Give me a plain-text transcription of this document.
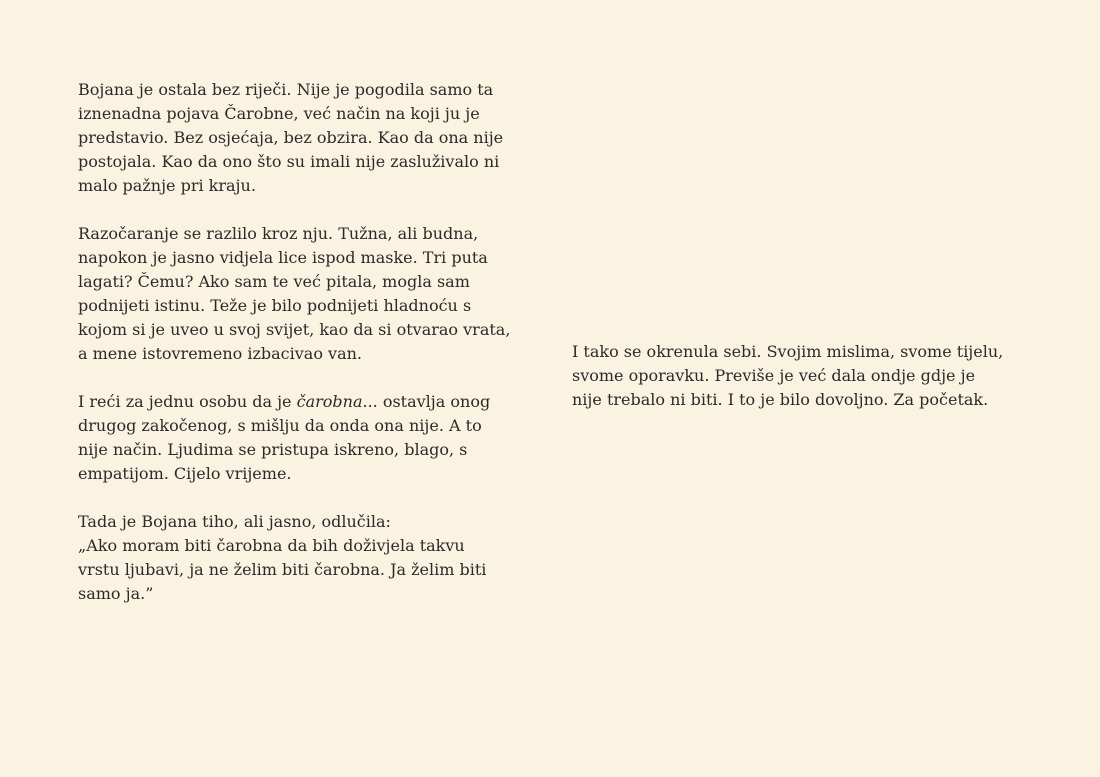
Bojana je ostala bez riječi. Nije je pogodila samo ta
iznenadna pojava Čarobne, već način na koji ju je
predstavio. Bez osjećaja, bez obzira. Kao da ona nije
postojala. Kao da ono što su imali nije zasluživalo ni
malo pažnje pri kraju.

Razočaranje se razlilo kroz nju. Tužna, ali budna,
napokon je jasno vidjela lice ispod maske. Tri puta
lagati? Čemu? Ako sam te već pitala, mogla sam
podnijeti istinu. Teže je bilo podnijeti hladnoću s
kojom si je uveo u svoj svijet, kao da si otvarao vrata,
a mene istovremeno izbacivao van.

I reći za jednu osobu da je čarobna... ostavlja onog
drugog zakočenog, s mišlju da onda ona nije. A to
nije način. Ljudima se pristupa iskreno, blago, s
empatijom. Cijelo vrijeme.

Tada je Bojana tiho, ali jasno, odlučila:
„Ako moram biti čarobna da bih doživjela takvu
vrstu ljubavi, ja ne želim biti čarobna. Ja želim biti
samo ja.”

I tako se okrenula sebi. Svojim mislima, svome tijelu,
svome oporavku. Previše je već dala ondje gdje je
nije trebalo ni biti. I to je bilo dovoljno. Za početak.
